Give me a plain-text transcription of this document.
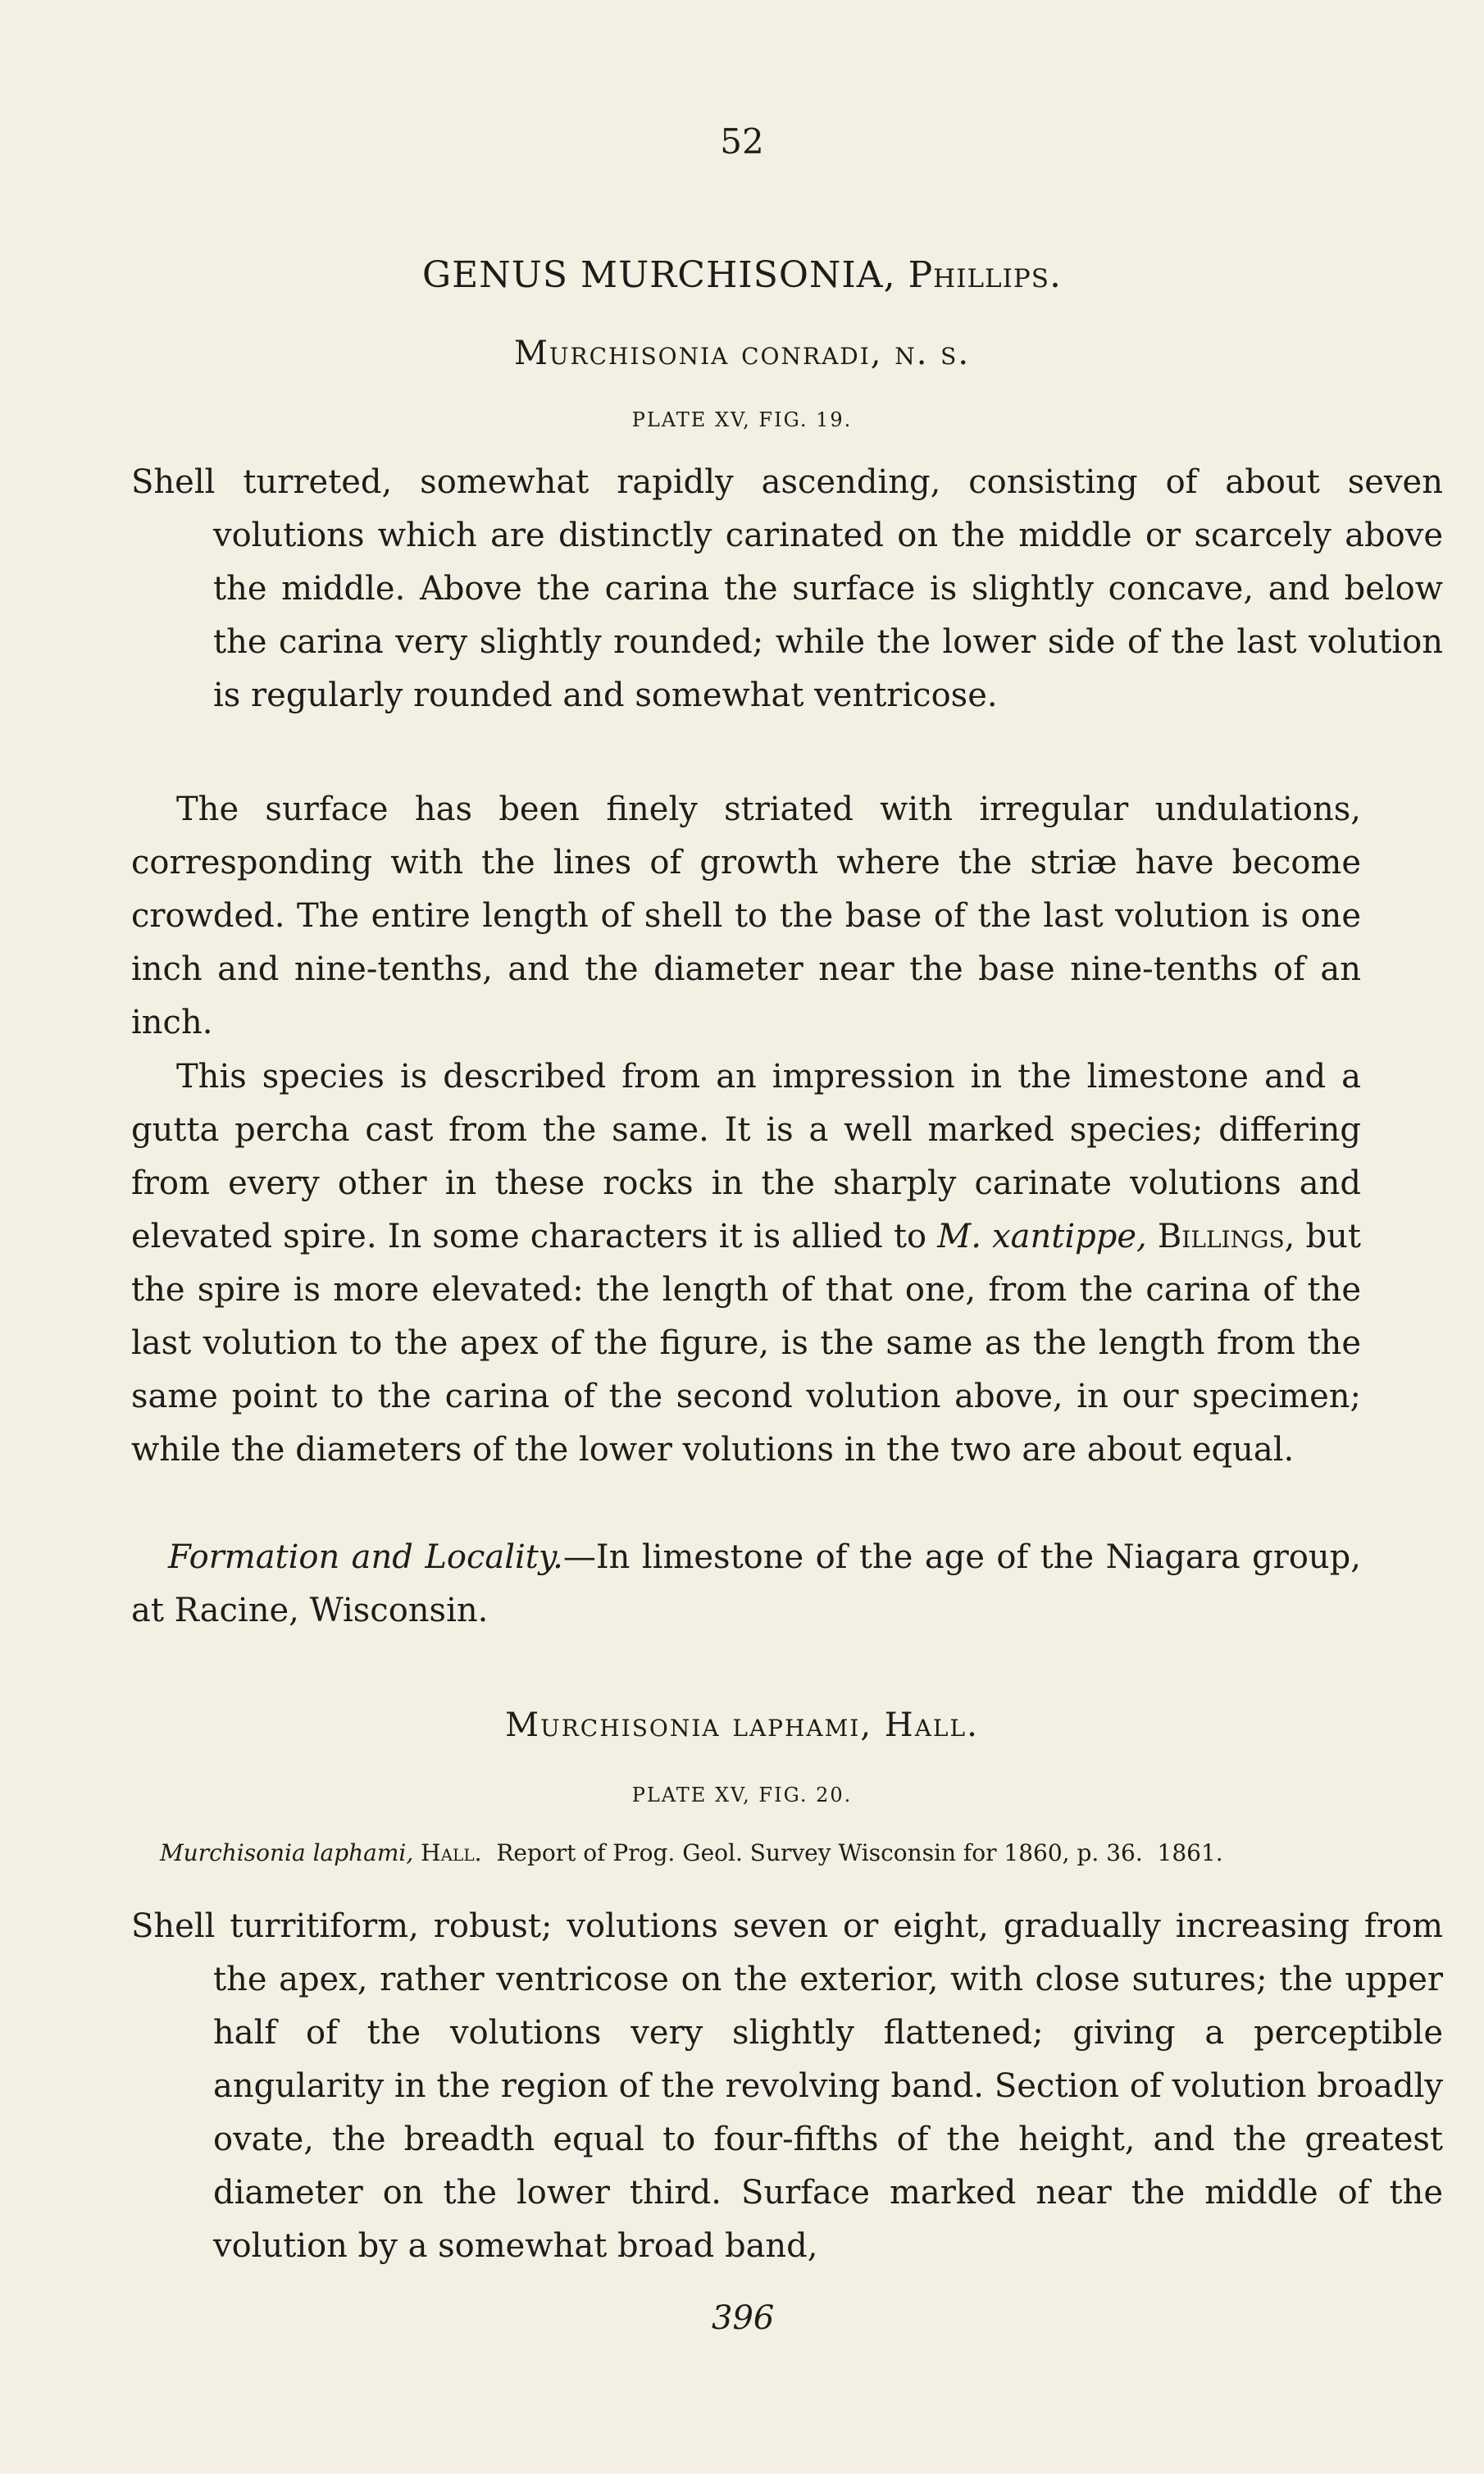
52
GENUS MURCHISONIA, Phillips.
Murchisonia conradi, n. s.
PLATE XV, FIG. 19.
Shell turreted, somewhat rapidly ascending, consisting of about seven volutions which are distinctly carinated on the middle or scarcely above the middle. Above the carina the surface is slightly concave, and below the carina very slightly rounded; while the lower side of the last volution is regularly rounded and somewhat ventricose.
The surface has been finely striated with irregular undulations, corresponding with the lines of growth where the striæ have become crowded. The entire length of shell to the base of the last volution is one inch and nine-tenths, and the diameter near the base nine-tenths of an inch.
This species is described from an impression in the limestone and a gutta percha cast from the same. It is a well marked species; differing from every other in these rocks in the sharply carinate volutions and elevated spire. In some characters it is allied to M. xantippe, Billings, but the spire is more elevated: the length of that one, from the carina of the last volution to the apex of the figure, is the same as the length from the same point to the carina of the second volution above, in our specimen; while the diameters of the lower volutions in the two are about equal.
Formation and Locality.—In limestone of the age of the Niagara group, at Racine, Wisconsin.
Murchisonia laphami, Hall.
PLATE XV, FIG. 20.
Murchisonia laphami, Hall.  Report of Prog. Geol. Survey Wisconsin for 1860, p. 36.  1861.
Shell turritiform, robust; volutions seven or eight, gradually increasing from the apex, rather ventricose on the exterior, with close sutures; the upper half of the volutions very slightly flattened; giving a perceptible angularity in the region of the revolving band. Section of volution broadly ovate, the breadth equal to four-fifths of the height, and the greatest diameter on the lower third. Surface marked near the middle of the volution by a somewhat broad band,
396
